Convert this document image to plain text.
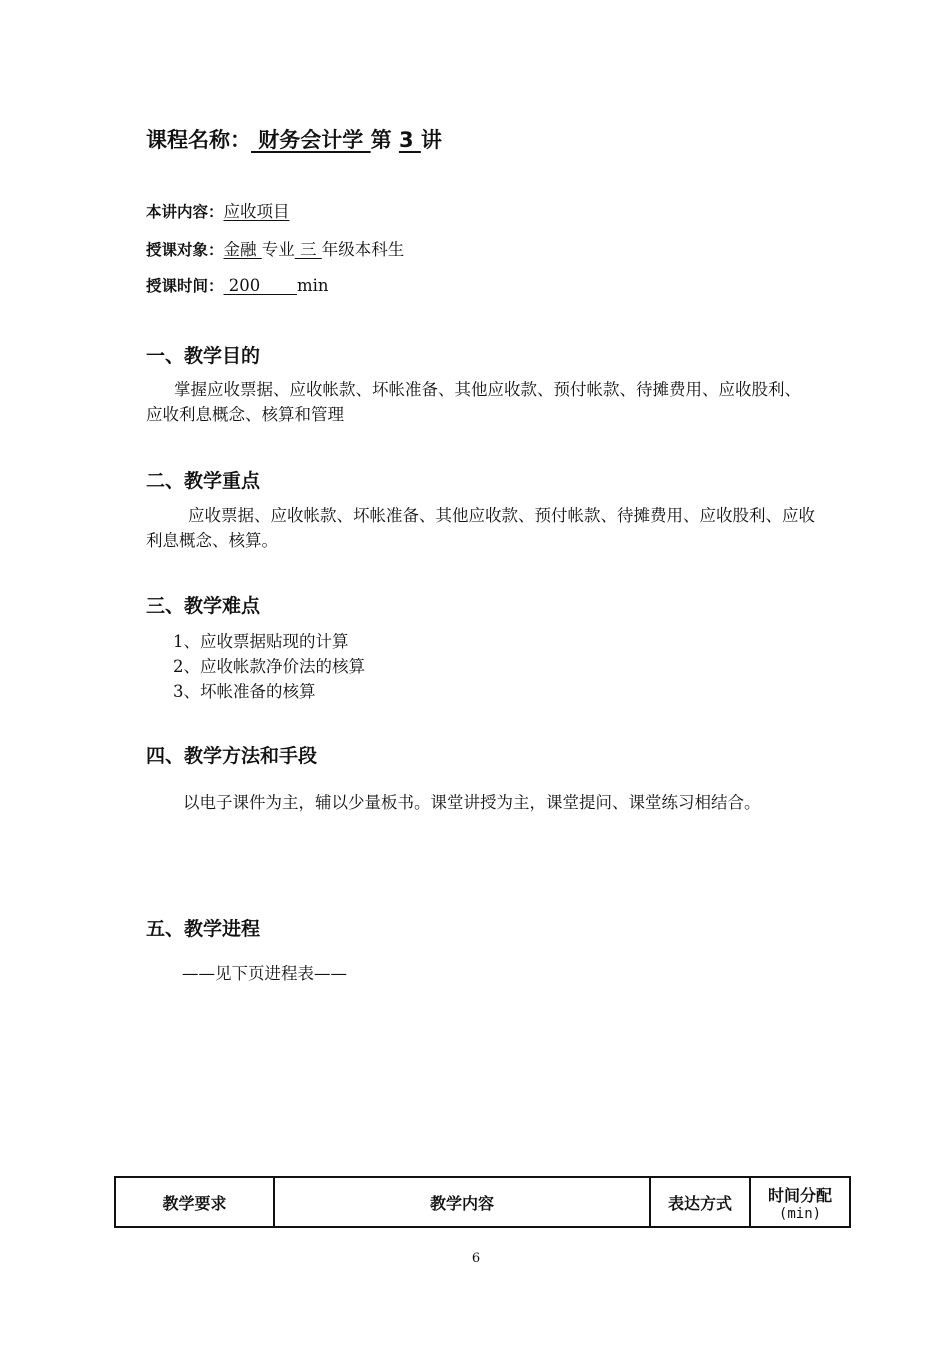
课程名称： 财务会计学 第 3 讲
本讲内容：应收项目
授课对象：金融 专业 三 年级本科生
授课时间： 200       min
一、教学目的
掌握应收票据、应收帐款、坏帐准备、其他应收款、预付帐款、待摊费用、应收股利、应收利息概念、核算和管理
二、教学重点
应收票据、应收帐款、坏帐准备、其他应收款、预付帐款、待摊费用、应收股利、应收利息概念、核算。
三、教学难点
1、应收票据贴现的计算
2、应收帐款净价法的核算
3、坏帐准备的核算
四、教学方法和手段
以电子课件为主，辅以少量板书。课堂讲授为主，课堂提问、课堂练习相结合。
五、教学进程
——见下页进程表——
教学要求	教学内容	表达方式	时间分配
(min)
6
